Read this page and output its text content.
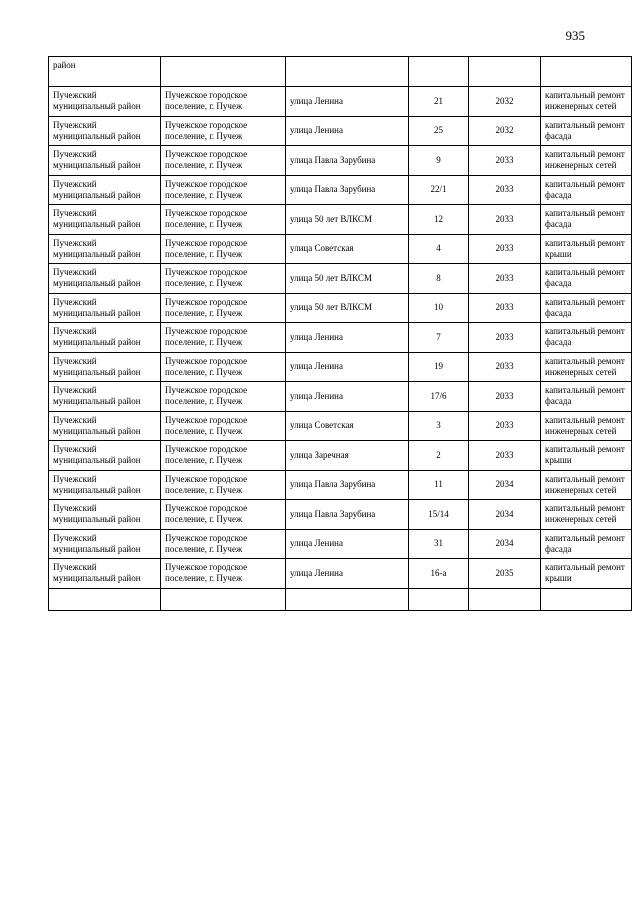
935
район					
Пучежский муниципальный район	Пучежское городское поселение, г. Пучеж	улица Ленина	21	2032	капитальный ремонт инженерных сетей
Пучежский муниципальный район	Пучежское городское поселение, г. Пучеж	улица Ленина	25	2032	капитальный ремонт фасада
Пучежский муниципальный район	Пучежское городское поселение, г. Пучеж	улица Павла Зарубина	9	2033	капитальный ремонт инженерных сетей
Пучежский муниципальный район	Пучежское городское поселение, г. Пучеж	улица Павла Зарубина	22/1	2033	капитальный ремонт фасада
Пучежский муниципальный район	Пучежское городское поселение, г. Пучеж	улица 50 лет ВЛКСМ	12	2033	капитальный ремонт фасада
Пучежский муниципальный район	Пучежское городское поселение, г. Пучеж	улица Советская	4	2033	капитальный ремонт крыши
Пучежский муниципальный район	Пучежское городское поселение, г. Пучеж	улица 50 лет ВЛКСМ	8	2033	капитальный ремонт фасада
Пучежский муниципальный район	Пучежское городское поселение, г. Пучеж	улица 50 лет ВЛКСМ	10	2033	капитальный ремонт фасада
Пучежский муниципальный район	Пучежское городское поселение, г. Пучеж	улица Ленина	7	2033	капитальный ремонт фасада
Пучежский муниципальный район	Пучежское городское поселение, г. Пучеж	улица Ленина	19	2033	капитальный ремонт инженерных сетей
Пучежский муниципальный район	Пучежское городское поселение, г. Пучеж	улица Ленина	17/6	2033	капитальный ремонт фасада
Пучежский муниципальный район	Пучежское городское поселение, г. Пучеж	улица Советская	3	2033	капитальный ремонт инженерных сетей
Пучежский муниципальный район	Пучежское городское поселение, г. Пучеж	улица Заречная	2	2033	капитальный ремонт крыши
Пучежский муниципальный район	Пучежское городское поселение, г. Пучеж	улица Павла Зарубина	11	2034	капитальный ремонт инженерных сетей
Пучежский муниципальный район	Пучежское городское поселение, г. Пучеж	улица Павла Зарубина	15/14	2034	капитальный ремонт инженерных сетей
Пучежский муниципальный район	Пучежское городское поселение, г. Пучеж	улица Ленина	31	2034	капитальный ремонт фасада
Пучежский муниципальный район	Пучежское городское поселение, г. Пучеж	улица Ленина	16-а	2035	капитальный ремонт крыши
